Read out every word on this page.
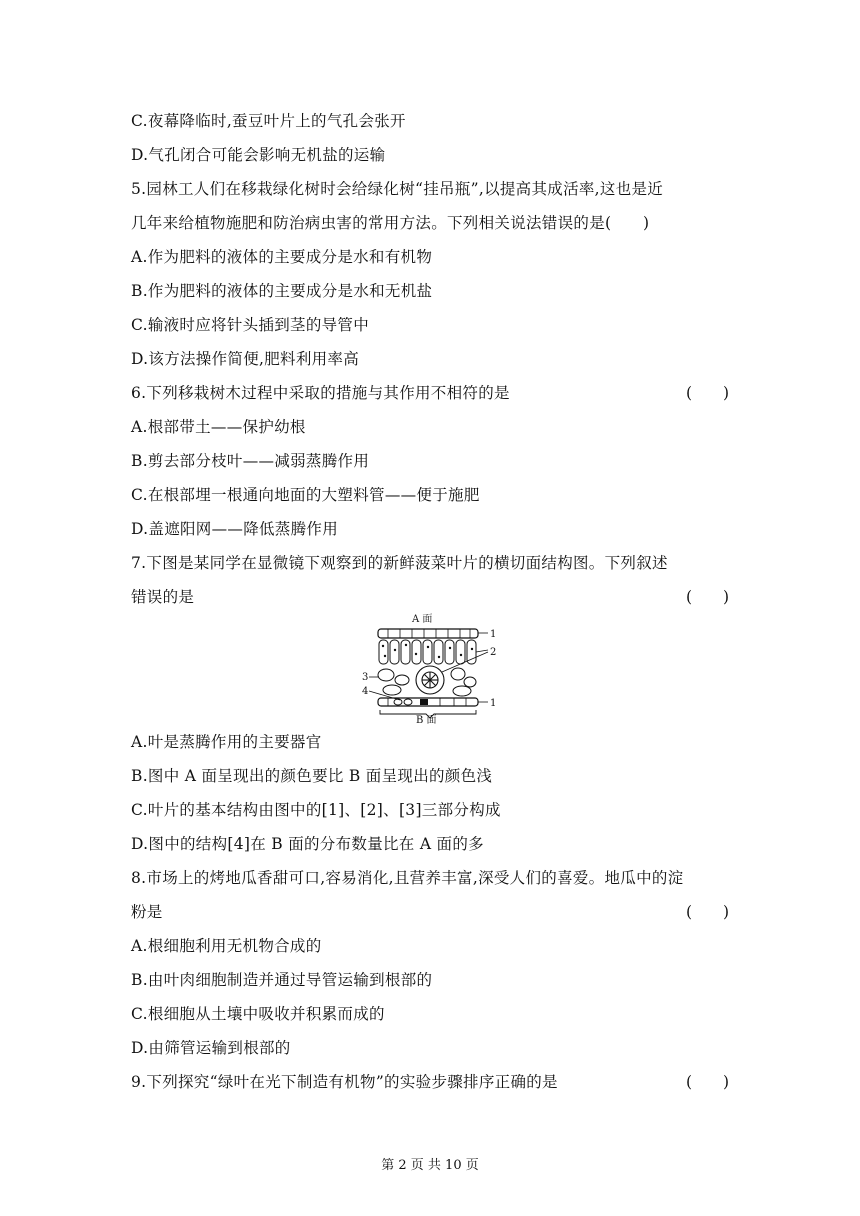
C.夜幕降临时,蚕豆叶片上的气孔会张开
D.气孔闭合可能会影响无机盐的运输
5.园林工人们在移栽绿化树时会给绿化树“挂吊瓶”,以提高其成活率,这也是近
几年来给植物施肥和防治病虫害的常用方法。下列相关说法错误的是(　　)
A.作为肥料的液体的主要成分是水和有机物
B.作为肥料的液体的主要成分是水和无机盐
C.输液时应将针头插到茎的导管中
D.该方法操作简便,肥料利用率高
6.下列移栽树木过程中采取的措施与其作用不相符的是	(　　)
A.根部带土——保护幼根
B.剪去部分枝叶——减弱蒸腾作用
C.在根部埋一根通向地面的大塑料管——便于施肥
D.盖遮阳网——降低蒸腾作用
7.下图是某同学在显微镜下观察到的新鲜菠菜叶片的横切面结构图。下列叙述
错误的是	(　　)
A 面
1
2
1
3
4
B 面
A.叶是蒸腾作用的主要器官
B.图中 A 面呈现出的颜色要比 B 面呈现出的颜色浅
C.叶片的基本结构由图中的[1]、[2]、[3]三部分构成
D.图中的结构[4]在 B 面的分布数量比在 A 面的多
8.市场上的烤地瓜香甜可口,容易消化,且营养丰富,深受人们的喜爱。地瓜中的淀
粉是	(　　)
A.根细胞利用无机物合成的
B.由叶肉细胞制造并通过导管运输到根部的
C.根细胞从土壤中吸收并积累而成的
D.由筛管运输到根部的
9.下列探究“绿叶在光下制造有机物”的实验步骤排序正确的是	(　　)
第 2 页 共 10 页
